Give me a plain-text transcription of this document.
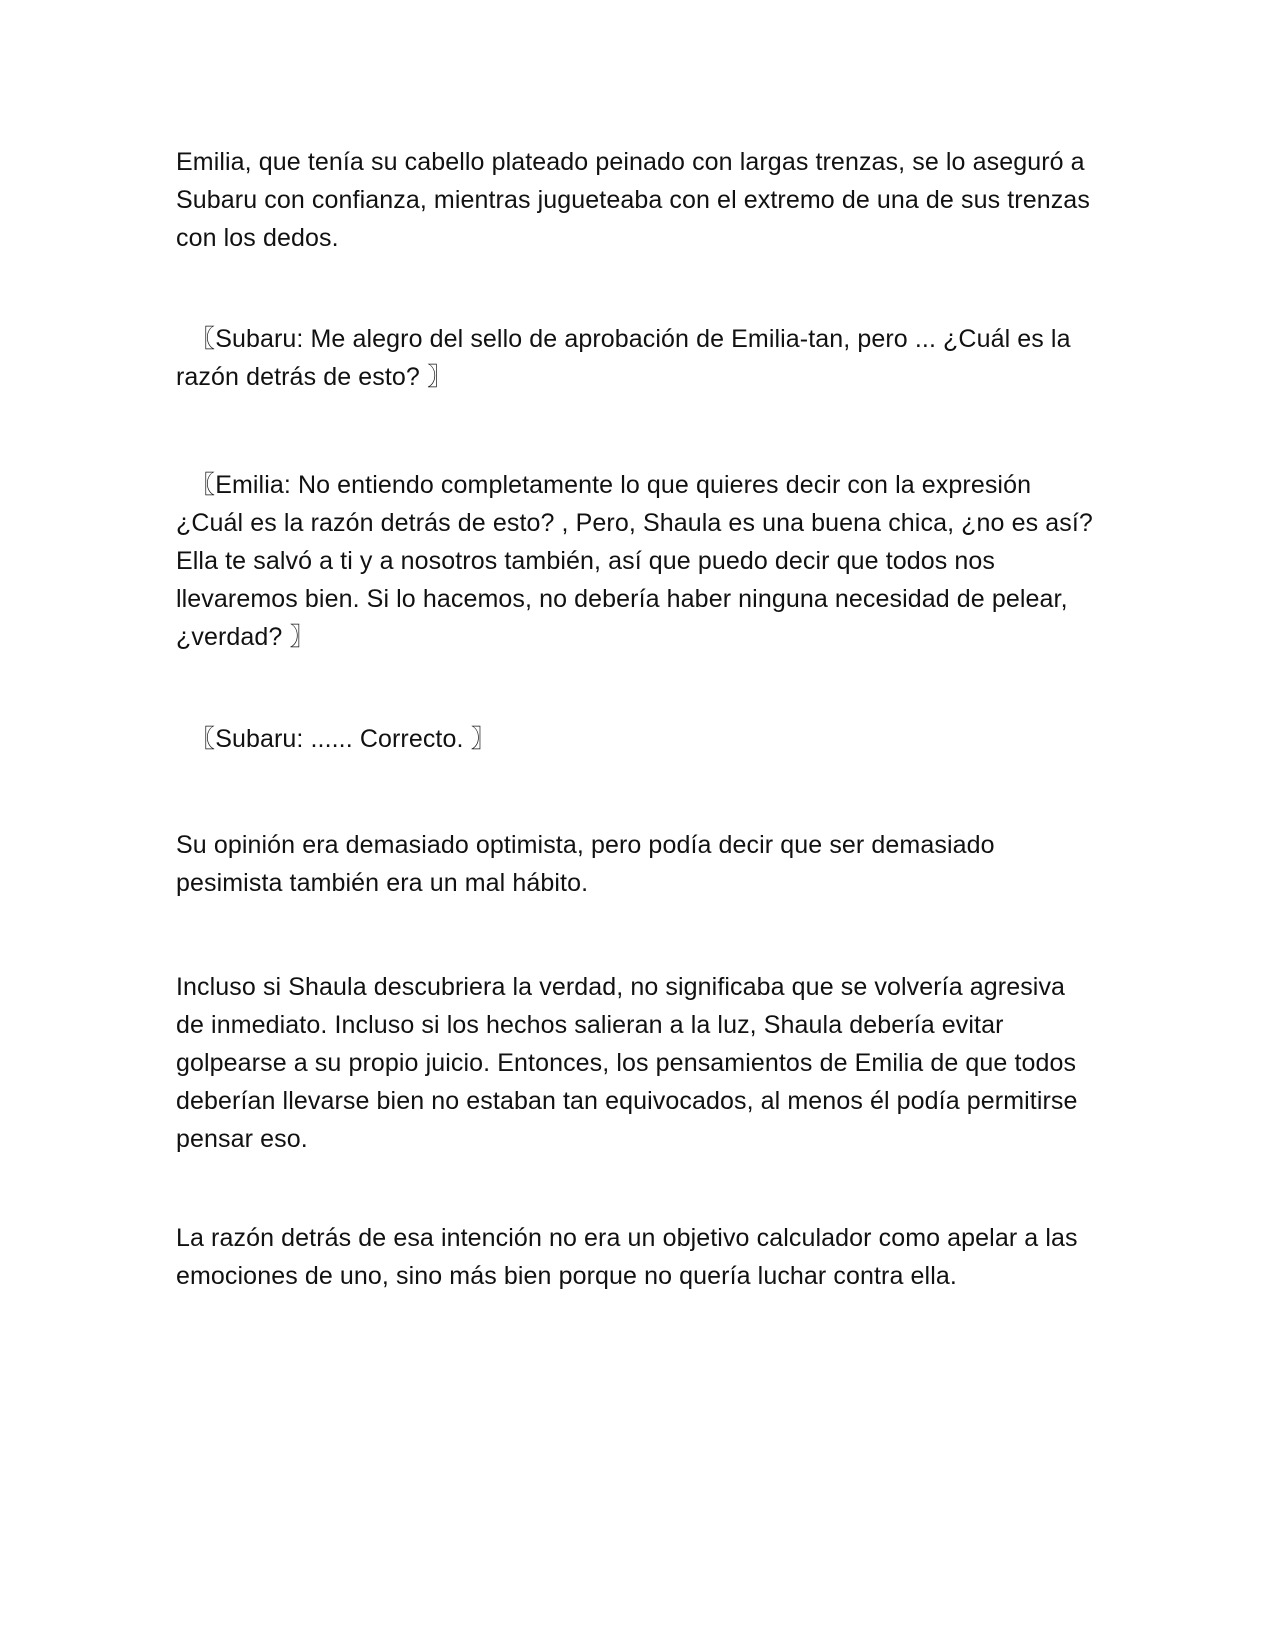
Emilia, que tenía su cabello plateado peinado con largas trenzas, se lo aseguró a Subaru con confianza, mientras jugueteaba con el extremo de una de sus trenzas con los dedos.

〖Subaru: Me alegro del sello de aprobación de Emilia-tan, pero ... ¿Cuál es la razón detrás de esto? 〗

〖Emilia: No entiendo completamente lo que quieres decir con la expresión ¿Cuál es la razón detrás de esto? , Pero, Shaula es una buena chica, ¿no es así? Ella te salvó a ti y a nosotros también, así que puedo decir que todos nos llevaremos bien. Si lo hacemos, no debería haber ninguna necesidad de pelear, ¿verdad? 〗

〖Subaru: ...... Correcto. 〗

Su opinión era demasiado optimista, pero podía decir que ser demasiado pesimista también era un mal hábito.

Incluso si Shaula descubriera la verdad, no significaba que se volvería agresiva de inmediato. Incluso si los hechos salieran a la luz, Shaula debería evitar golpearse a su propio juicio. Entonces, los pensamientos de Emilia de que todos deberían llevarse bien no estaban tan equivocados, al menos él podía permitirse pensar eso.

La razón detrás de esa intención no era un objetivo calculador como apelar a las emociones de uno, sino más bien porque no quería luchar contra ella.
